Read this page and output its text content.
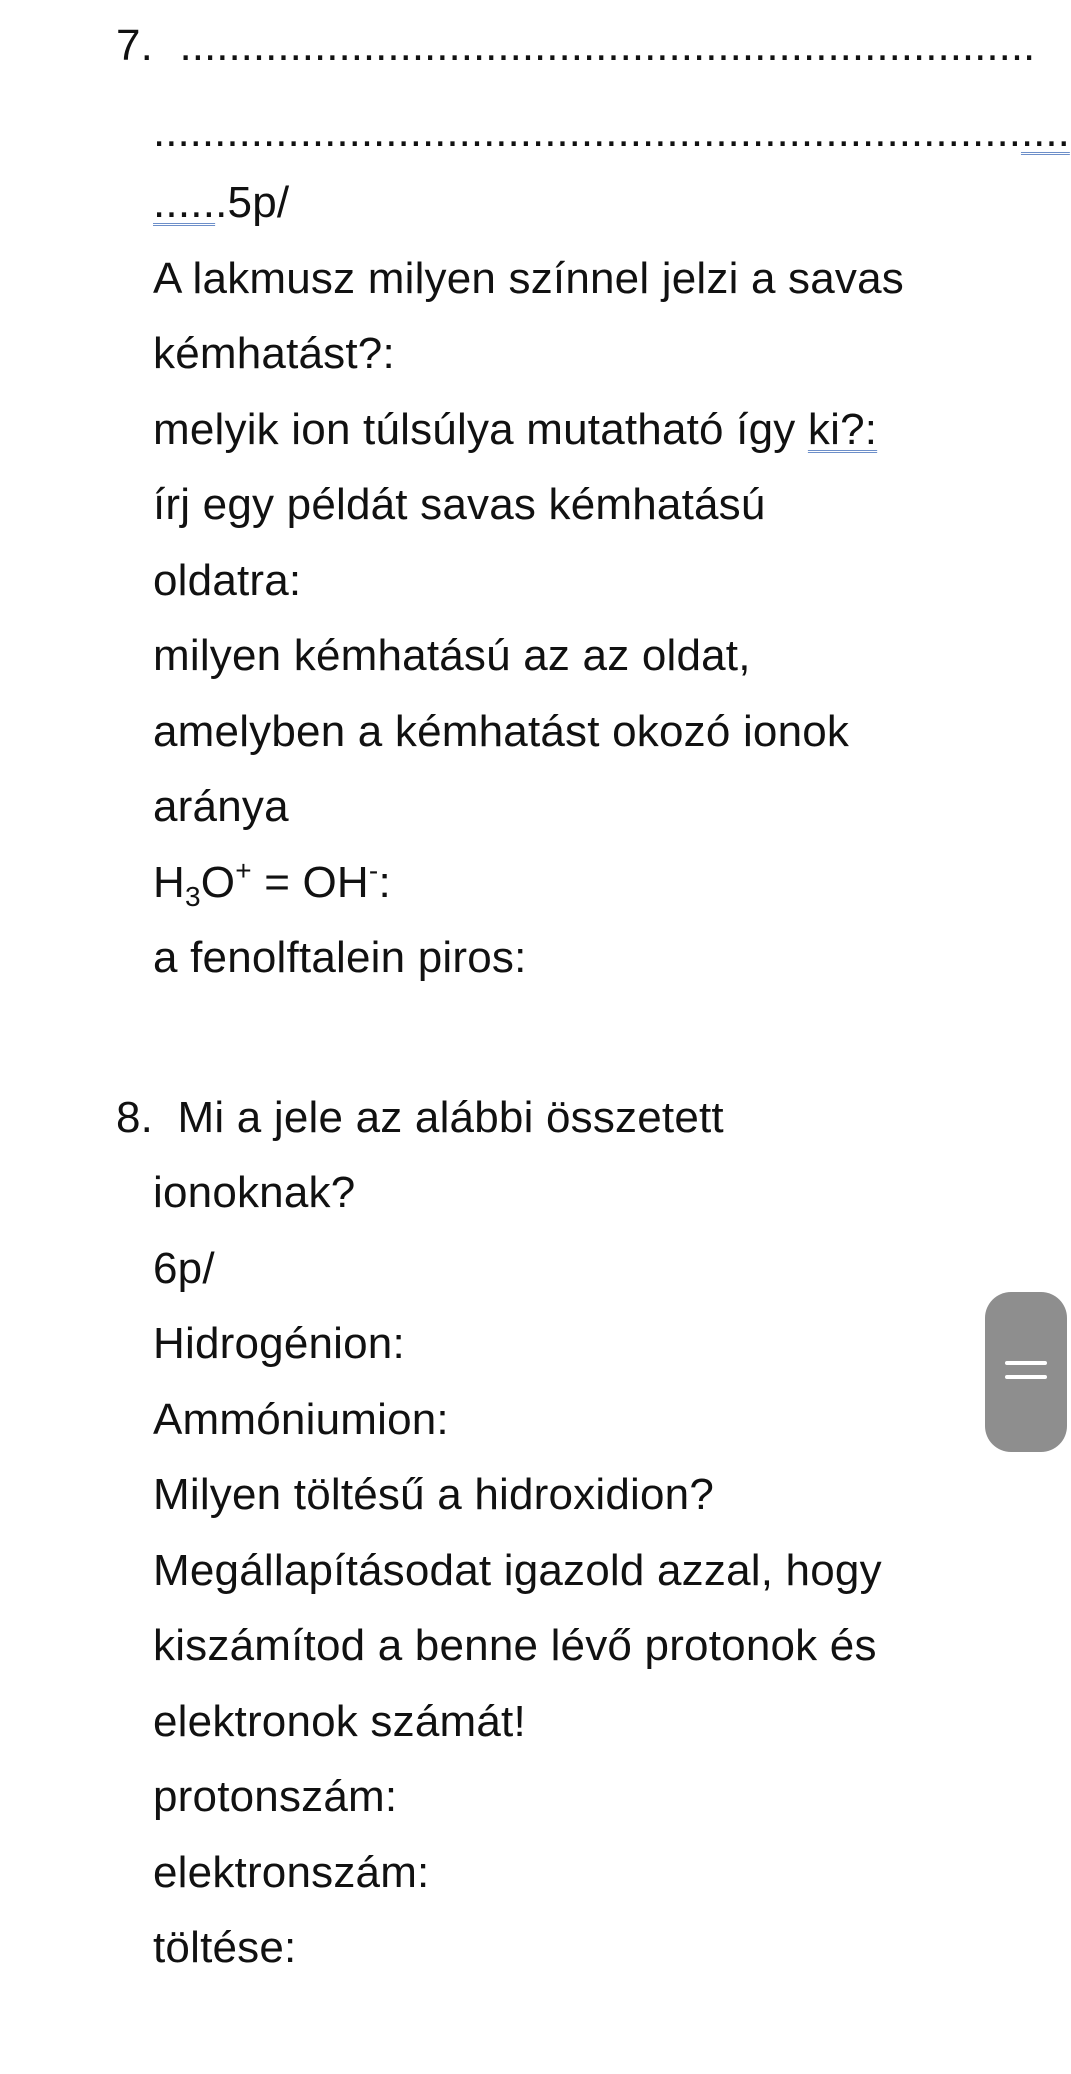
7. ......................................................................
...........................................................................
......5p/
A lakmusz milyen színnel jelzi a savas
kémhatást?:
melyik ion túlsúlya mutatható így ki?:
írj egy példát savas kémhatású
oldatra:
milyen kémhatású az az oldat,
amelyben a kémhatást okozó ionok
aránya
$H_3O^+ = OH^-$:
a fenolftalein piros:
8. Mi a jele az alábbi összetett
ionoknak?
6p/
Hidrogénion:
Ammóniumion:
Milyen töltésű a hidroxidion?
Megállapításodat igazold azzal, hogy
kiszámítod a benne lévő protonok és
elektronok számát!
protonszám:
elektronszám:
töltése:
